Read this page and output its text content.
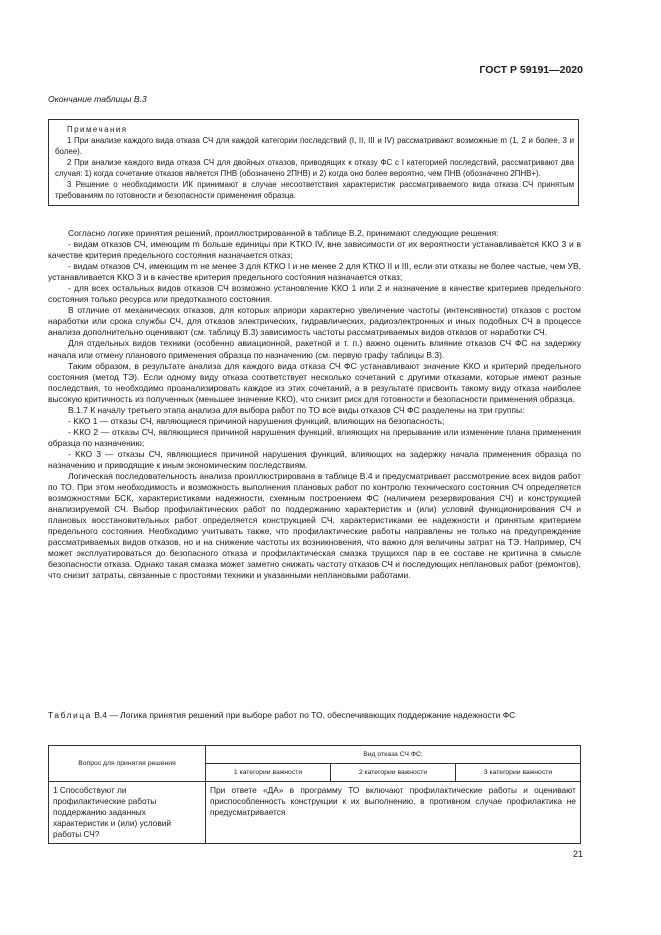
ГОСТ Р 59191—2020
Окончание таблицы В.3

Примечания

1 При анализе каждого вида отказа СЧ для каждой категории последствий (I, II, III и IV) рассматривают возможные m (1, 2 и более, 3 и более).

2 При анализе каждого вида отказа СЧ для двойных отказов, приводящих к отказу ФС с I категорией последствий, рассматривают два случая: 1) когда сочетание отказов является ПНВ (обозначено 2ПНВ) и 2) когда оно более вероятно, чем ПНВ (обозначено 2ПНВ+).

3 Решение о необходимости ИК принимают в случае несоответствия характеристик рассматриваемого вида отказа СЧ принятым требованиям по готовности и безопасности применения образца.

Согласно логике принятия решений, проиллюстрированной в таблице В.2, принимают следующие решения:

- видам отказов СЧ, имеющим m больше единицы при KТКО IV, вне зависимости от их вероятности устанавливается KКО 3 и в качестве критерия предельного состояния назначается отказ;

- видам отказов СЧ, имеющим m не менее 3 для KТКО I и не менее 2 для KТКО II и III, если эти отказы не более частые, чем УВ, устанавливается KКО 3 и в качестве критерия предельного состояния назначается отказ;

- для всех остальных видов отказов СЧ возможно установление KКО 1 или 2 и назначение в качестве критериев предельного состояния только ресурса или предотказного состояния.

В отличие от механических отказов, для которых априори характерно увеличение частоты (интенсивности) отказов с ростом наработки или срока службы СЧ, для отказов электрических, гидравлических, радиоэлектронных и иных подобных СЧ в процессе анализа дополнительно оценивают (см. таблицу В.3) зависимость частоты рассматриваемых видов отказов от наработки СЧ.

Для отдельных видов техники (особенно авиационной, ракетной и т. п.) важно оценить влияние отказов СЧ ФС на задержку начала или отмену планового применения образца по назначению (см. первую графу таблицы В.3).

Таким образом, в результате анализа для каждого вида отказа СЧ ФС устанавливают значение KКО и критерий предельного состояния (метод ТЭ). Если одному виду отказа соответствует несколько сочетаний с другими отказами, которые имеют разные последствия, то необходимо проанализировать каждое из этих сочетаний, а в результате присвоить такому виду отказа наиболее высокую критичность из полученных (меньшее значение KКО), что снизит риск для готовности и безопасности применения образца.

В.1.7 К началу третьего этапа анализа для выбора работ по ТО все виды отказов СЧ ФС разделены на три группы:

- KКО 1 — отказы СЧ, являющиеся причиной нарушения функций, влияющих на безопасность;

- KКО 2 — отказы СЧ, являющиеся причиной нарушения функций, влияющих на прерывание или изменение плана применения образца по назначению;

- KКО 3 — отказы СЧ, являющиеся причиной нарушения функций, влияющих на задержку начала применения образца по назначению и приводящие к иным экономическим последствиям.

Логическая последовательность анализа проиллюстрирована в таблице В.4 и предусматривает рассмотрение всех видов работ по ТО. При этом необходимость и возможность выполнения плановых работ по контролю технического состояния СЧ определяется возможностями БСК, характеристиками надежности, схемным построением ФС (наличием резервирования СЧ) и конструкцией анализируемой СЧ. Выбор профилактических работ по поддержанию характеристик и (или) условий функционирования СЧ и плановых восстановительных работ определяется конструкцией СЧ, характеристиками ее надежности и принятым критерием предельного состояния. Необходимо учитывать также, что профилактические работы направлены не только на предупреждение рассматриваемых видов отказов, но и на снижение частоты их возникновения, что важно для величины затрат на ТЭ. Например, СЧ может эксплуатироваться до безопасного отказа и профилактическая смазка трущихся пар в ее составе не критична в смысле безопасности отказа. Однако такая смазка может заметно снижать частоту отказов СЧ и последующих неплановых работ (ремонтов), что снизит затраты, связанные с простоями техники и указанными неплановыми работами.

Таблица В.4 — Логика принятия решений при выборе работ по ТО, обеспечивающих поддержание надежности ФС
Вопрос для принятия решения	Вид отказа СЧ ФС:		
	1 категории важности	2 категории важности	3 категории важности
1 Способствуют ли профилактические работы поддержанию заданных характеристик и (или) условий работы СЧ?	При ответе «ДА» в программу ТО включают профилактические работы и оценивают приспособленность конструкции к их выполнению, в противном случае профилактика не предусматривается		
21
